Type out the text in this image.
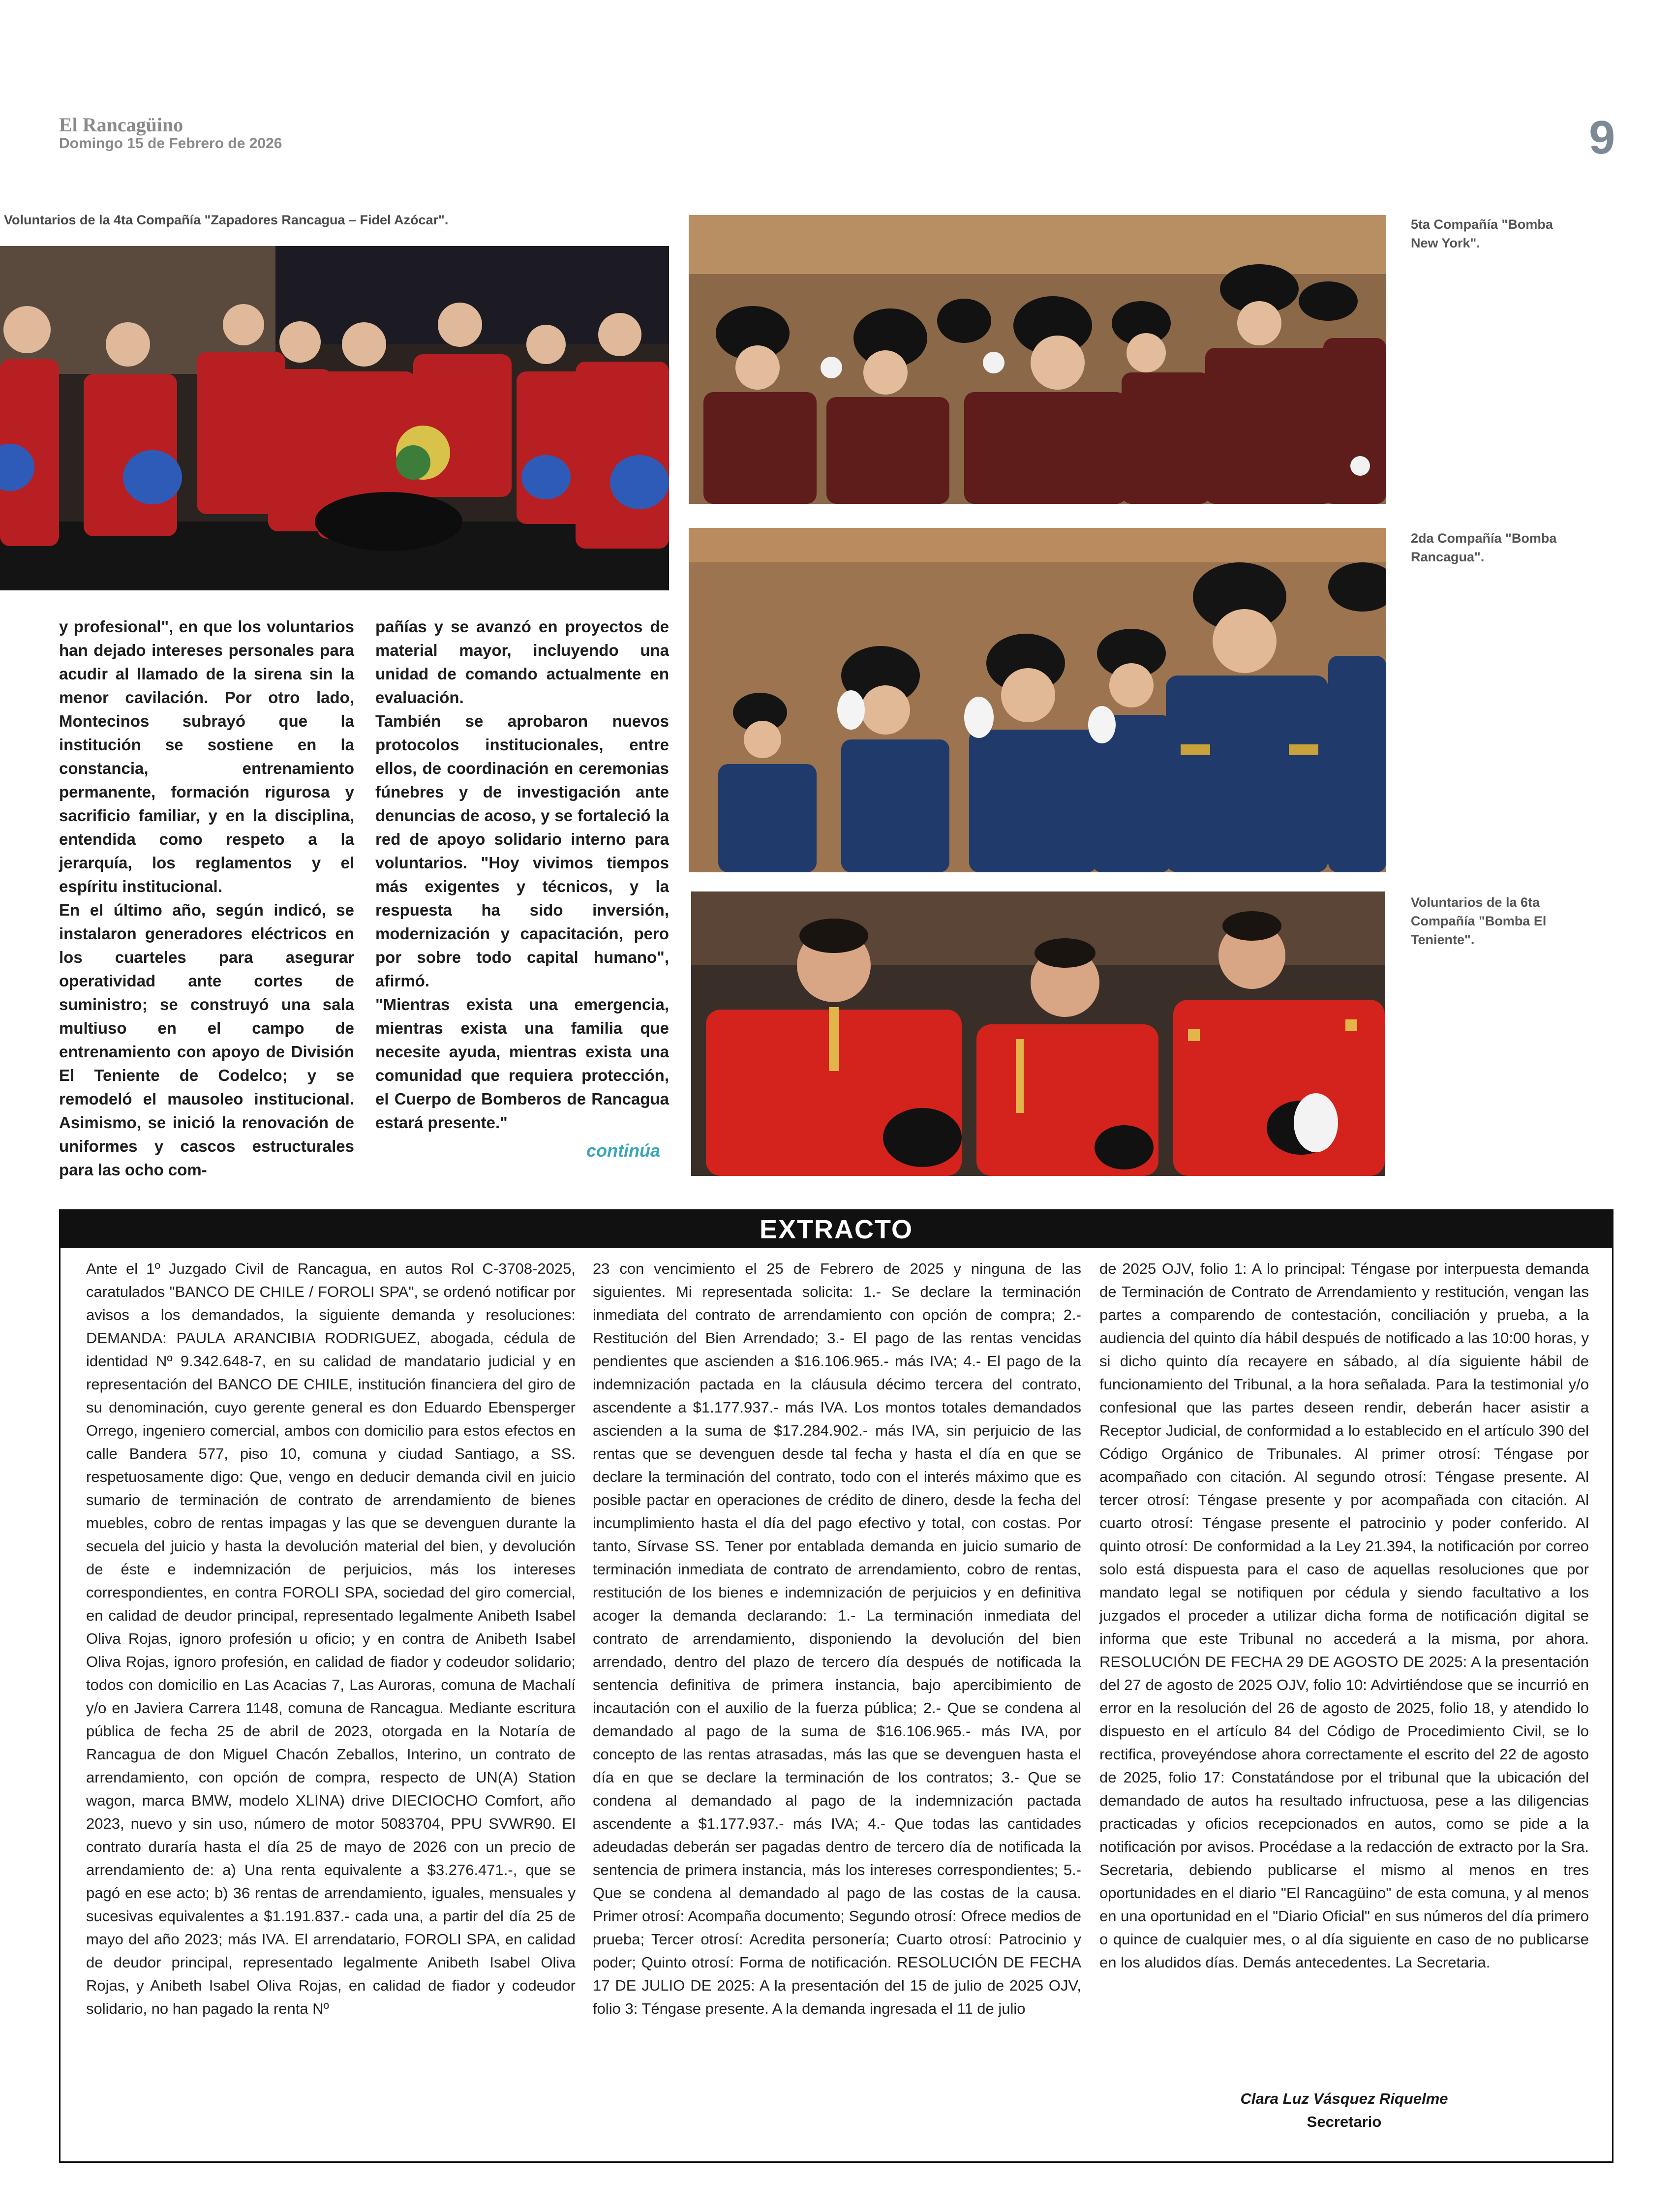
El Rancagüino
Domingo 15 de Febrero de 2026	9
Voluntarios de la 4ta Compañía "Zapadores Rancagua – Fidel Azócar".	5ta Compañía "Bomba New York".
2da Compañía "Bomba Rancagua".
Voluntarios de la 6ta Compañía "Bomba El Teniente".

y profesional", en que los voluntarios han dejado intereses personales para acudir al llamado de la sirena sin la menor cavilación. Por otro lado, Montecinos subrayó que la institución se sostiene en la constancia, entrenamiento permanente, formación rigurosa y sacrificio familiar, y en la disciplina, entendida como respeto a la jerarquía, los reglamentos y el espíritu institucional.

En el último año, según indicó, se instalaron generadores eléctricos en los cuarteles para asegurar operatividad ante cortes de suministro; se construyó una sala multiuso en el campo de entrenamiento con apoyo de División El Teniente de Codelco; y se remodeló el mausoleo institucional. Asimismo, se inició la renovación de uniformes y cascos estructurales para las ocho com-

pañías y se avanzó en proyectos de material mayor, incluyendo una unidad de comando actualmente en evaluación.

También se aprobaron nuevos protocolos institucionales, entre ellos, de coordinación en ceremonias fúnebres y de investigación ante denuncias de acoso, y se fortaleció la red de apoyo solidario interno para voluntarios. "Hoy vivimos tiempos más exigentes y técnicos, y la respuesta ha sido inversión, modernización y capacitación, pero por sobre todo capital humano", afirmó.

"Mientras exista una emergencia, mientras exista una familia que necesite ayuda, mientras exista una comunidad que requiera protección, el Cuerpo de Bomberos de Rancagua estará presente."

continúa
EXTRACTO
Ante el 1º Juzgado Civil de Rancagua, en autos Rol C-3708-2025, caratulados "BANCO DE CHILE / FOROLI SPA", se ordenó notificar por avisos a los demandados, la siguiente demanda y resoluciones: DEMANDA: PAULA ARANCIBIA RODRIGUEZ, abogada, cédula de identidad Nº 9.342.648-7, en su calidad de mandatario judicial y en representación del BANCO DE CHILE, institución financiera del giro de su denominación, cuyo gerente general es don Eduardo Ebensperger Orrego, ingeniero comercial, ambos con domicilio para estos efectos en calle Bandera 577, piso 10, comuna y ciudad Santiago, a SS. respetuosamente digo: Que, vengo en deducir demanda civil en juicio sumario de terminación de contrato de arrendamiento de bienes muebles, cobro de rentas impagas y las que se devenguen durante la secuela del juicio y hasta la devolución material del bien, y devolución de éste e indemnización de perjuicios, más los intereses correspondientes, en contra FOROLI SPA, sociedad del giro comercial, en calidad de deudor principal, representado legalmente Anibeth Isabel Oliva Rojas, ignoro profesión u oficio; y en contra de Anibeth Isabel Oliva Rojas, ignoro profesión, en calidad de fiador y codeudor solidario; todos con domicilio en Las Acacias 7, Las Auroras, comuna de Machalí y/o en Javiera Carrera 1148, comuna de Rancagua. Mediante escritura pública de fecha 25 de abril de 2023, otorgada en la Notaría de Rancagua de don Miguel Chacón Zeballos, Interino, un contrato de arrendamiento, con opción de compra, respecto de UN(A) Station wagon, marca BMW, modelo XLINA) drive DIECIOCHO Comfort, año 2023, nuevo y sin uso, número de motor 5083704, PPU SVWR90. El contrato duraría hasta el día 25 de mayo de 2026 con un precio de arrendamiento de: a) Una renta equivalente a $3.276.471.-, que se pagó en ese acto; b) 36 rentas de arrendamiento, iguales, mensuales y sucesivas equivalentes a $1.191.837.- cada una, a partir del día 25 de mayo del año 2023; más IVA. El arrendatario, FOROLI SPA, en calidad de deudor principal, representado legalmente Anibeth Isabel Oliva Rojas, y Anibeth Isabel Oliva Rojas, en calidad de fiador y codeudor solidario, no han pagado la renta Nº
23 con vencimiento el 25 de Febrero de 2025 y ninguna de las siguientes. Mi representada solicita: 1.- Se declare la terminación inmediata del contrato de arrendamiento con opción de compra; 2.- Restitución del Bien Arrendado; 3.- El pago de las rentas vencidas pendientes que ascienden a $16.106.965.- más IVA; 4.- El pago de la indemnización pactada en la cláusula décimo tercera del contrato, ascendente a $1.177.937.- más IVA. Los montos totales demandados ascienden a la suma de $17.284.902.- más IVA, sin perjuicio de las rentas que se devenguen desde tal fecha y hasta el día en que se declare la terminación del contrato, todo con el interés máximo que es posible pactar en operaciones de crédito de dinero, desde la fecha del incumplimiento hasta el día del pago efectivo y total, con costas. Por tanto, Sírvase SS. Tener por entablada demanda en juicio sumario de terminación inmediata de contrato de arrendamiento, cobro de rentas, restitución de los bienes e indemnización de perjuicios y en definitiva acoger la demanda declarando: 1.- La terminación inmediata del contrato de arrendamiento, disponiendo la devolución del bien arrendado, dentro del plazo de tercero día después de notificada la sentencia definitiva de primera instancia, bajo apercibimiento de incautación con el auxilio de la fuerza pública; 2.- Que se condena al demandado al pago de la suma de $16.106.965.- más IVA, por concepto de las rentas atrasadas, más las que se devenguen hasta el día en que se declare la terminación de los contratos; 3.- Que se condena al demandado al pago de la indemnización pactada ascendente a $1.177.937.- más IVA; 4.- Que todas las cantidades adeudadas deberán ser pagadas dentro de tercero día de notificada la sentencia de primera instancia, más los intereses correspondientes; 5.- Que se condena al demandado al pago de las costas de la causa. Primer otrosí: Acompaña documento; Segundo otrosí: Ofrece medios de prueba; Tercer otrosí: Acredita personería; Cuarto otrosí: Patrocinio y poder; Quinto otrosí: Forma de notificación. RESOLUCIÓN DE FECHA 17 DE JULIO DE 2025: A la presentación del 15 de julio de 2025 OJV, folio 3: Téngase presente. A la demanda ingresada el 11 de julio
de 2025 OJV, folio 1: A lo principal: Téngase por interpuesta demanda de Terminación de Contrato de Arrendamiento y restitución, vengan las partes a comparendo de contestación, conciliación y prueba, a la audiencia del quinto día hábil después de notificado a las 10:00 horas, y si dicho quinto día recayere en sábado, al día siguiente hábil de funcionamiento del Tribunal, a la hora señalada. Para la testimonial y/o confesional que las partes deseen rendir, deberán hacer asistir a Receptor Judicial, de conformidad a lo establecido en el artículo 390 del Código Orgánico de Tribunales. Al primer otrosí: Téngase por acompañado con citación. Al segundo otrosí: Téngase presente. Al tercer otrosí: Téngase presente y por acompañada con citación. Al cuarto otrosí: Téngase presente el patrocinio y poder conferido. Al quinto otrosí: De conformidad a la Ley 21.394, la notificación por correo solo está dispuesta para el caso de aquellas resoluciones que por mandato legal se notifiquen por cédula y siendo facultativo a los juzgados el proceder a utilizar dicha forma de notificación digital se informa que este Tribunal no accederá a la misma, por ahora. RESOLUCIÓN DE FECHA 29 DE AGOSTO DE 2025: A la presentación del 27 de agosto de 2025 OJV, folio 10: Advirtiéndose que se incurrió en error en la resolución del 26 de agosto de 2025, folio 18, y atendido lo dispuesto en el artículo 84 del Código de Procedimiento Civil, se lo rectifica, proveyéndose ahora correctamente el escrito del 22 de agosto de 2025, folio 17: Constatándose por el tribunal que la ubicación del demandado de autos ha resultado infructuosa, pese a las diligencias practicadas y oficios recepcionados en autos, como se pide a la notificación por avisos. Procédase a la redacción de extracto por la Sra. Secretaria, debiendo publicarse el mismo al menos en tres oportunidades en el diario "El Rancagüino" de esta comuna, y al menos en una oportunidad en el "Diario Oficial" en sus números del día primero o quince de cualquier mes, o al día siguiente en caso de no publicarse en los aludidos días. Demás antecedentes. La Secretaria.
Clara Luz Vásquez Riquelme
Secretario
